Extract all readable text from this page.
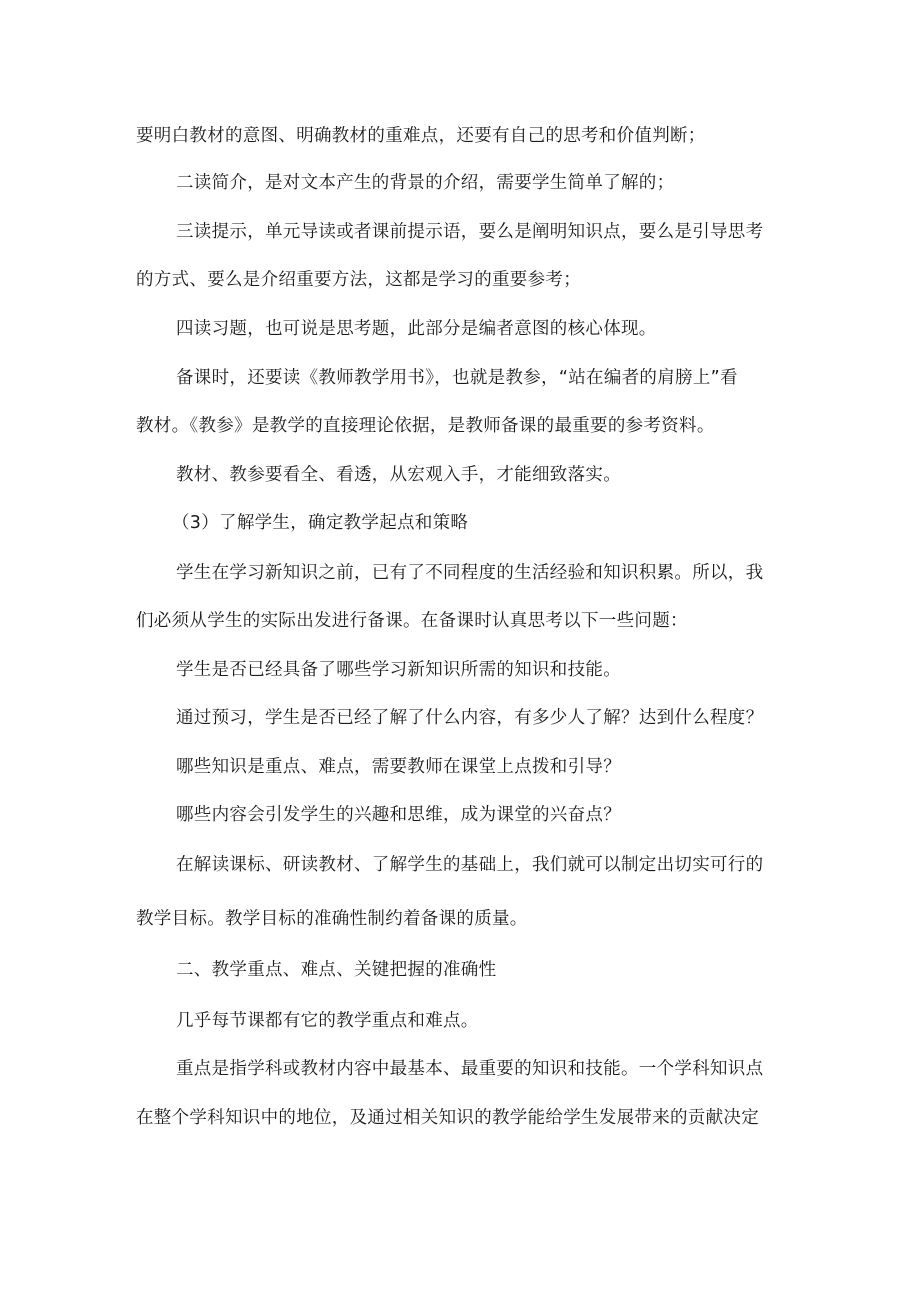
要明白教材的意图、明确教材的重难点，还要有自己的思考和价值判断；
二读简介，是对文本产生的背景的介绍，需要学生简单了解的；
三读提示，单元导读或者课前提示语，要么是阐明知识点，要么是引导思考
的方式、要么是介绍重要方法，这都是学习的重要参考；
四读习题，也可说是思考题，此部分是编者意图的核心体现。
备课时，还要读《教师教学用书》，也就是教参，“站在编者的肩膀上”看
教材。《教参》是教学的直接理论依据，是教师备课的最重要的参考资料。
教材、教参要看全、看透，从宏观入手，才能细致落实。
（3）了解学生，确定教学起点和策略
学生在学习新知识之前，已有了不同程度的生活经验和知识积累。所以，我
们必须从学生的实际出发进行备课。在备课时认真思考以下一些问题：
学生是否已经具备了哪些学习新知识所需的知识和技能。
通过预习，学生是否已经了解了什么内容，有多少人了解？达到什么程度？
哪些知识是重点、难点，需要教师在课堂上点拨和引导？
哪些内容会引发学生的兴趣和思维，成为课堂的兴奋点？
在解读课标、研读教材、了解学生的基础上，我们就可以制定出切实可行的
教学目标。教学目标的准确性制约着备课的质量。
二、教学重点、难点、关键把握的准确性
几乎每节课都有它的教学重点和难点。
重点是指学科或教材内容中最基本、最重要的知识和技能。一个学科知识点
在整个学科知识中的地位，及通过相关知识的教学能给学生发展带来的贡献决定
